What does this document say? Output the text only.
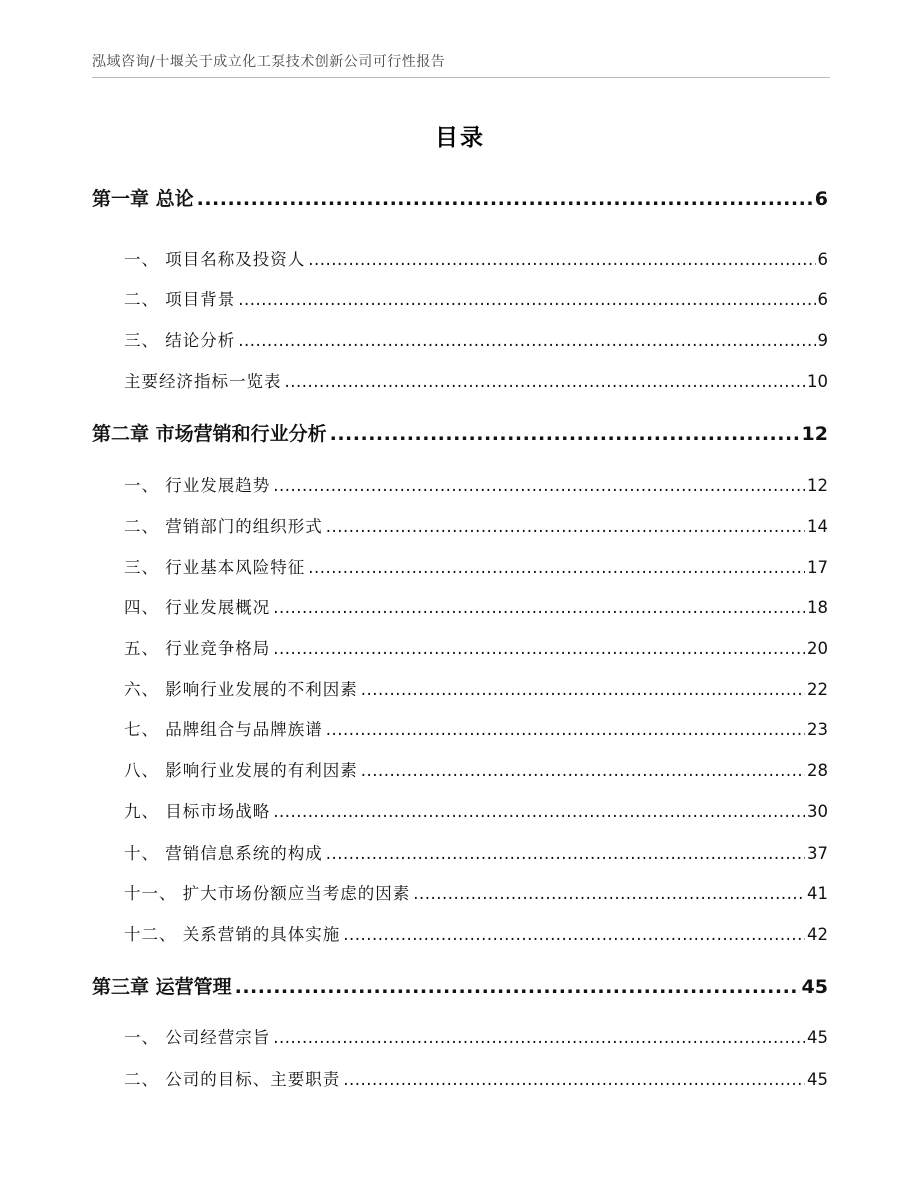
泓域咨询/十堰关于成立化工泵技术创新公司可行性报告
目录
第一章 总论 .....	6
一、 项目名称及投资人 .....	6
二、 项目背景 .....	6
三、 结论分析 .....	9
主要经济指标一览表 .....	10
第二章 市场营销和行业分析 .....	12
一、 行业发展趋势 .....	12
二、 营销部门的组织形式 .....	14
三、 行业基本风险特征 .....	17
四、 行业发展概况 .....	18
五、 行业竞争格局 .....	20
六、 影响行业发展的不利因素 .....	22
七、 品牌组合与品牌族谱 .....	23
八、 影响行业发展的有利因素 .....	28
九、 目标市场战略 .....	30
十、 营销信息系统的构成 .....	37
十一、 扩大市场份额应当考虑的因素 .....	41
十二、 关系营销的具体实施 .....	42
第三章 运营管理 .....	45
一、 公司经营宗旨 .....	45
二、 公司的目标、主要职责 .....	45
